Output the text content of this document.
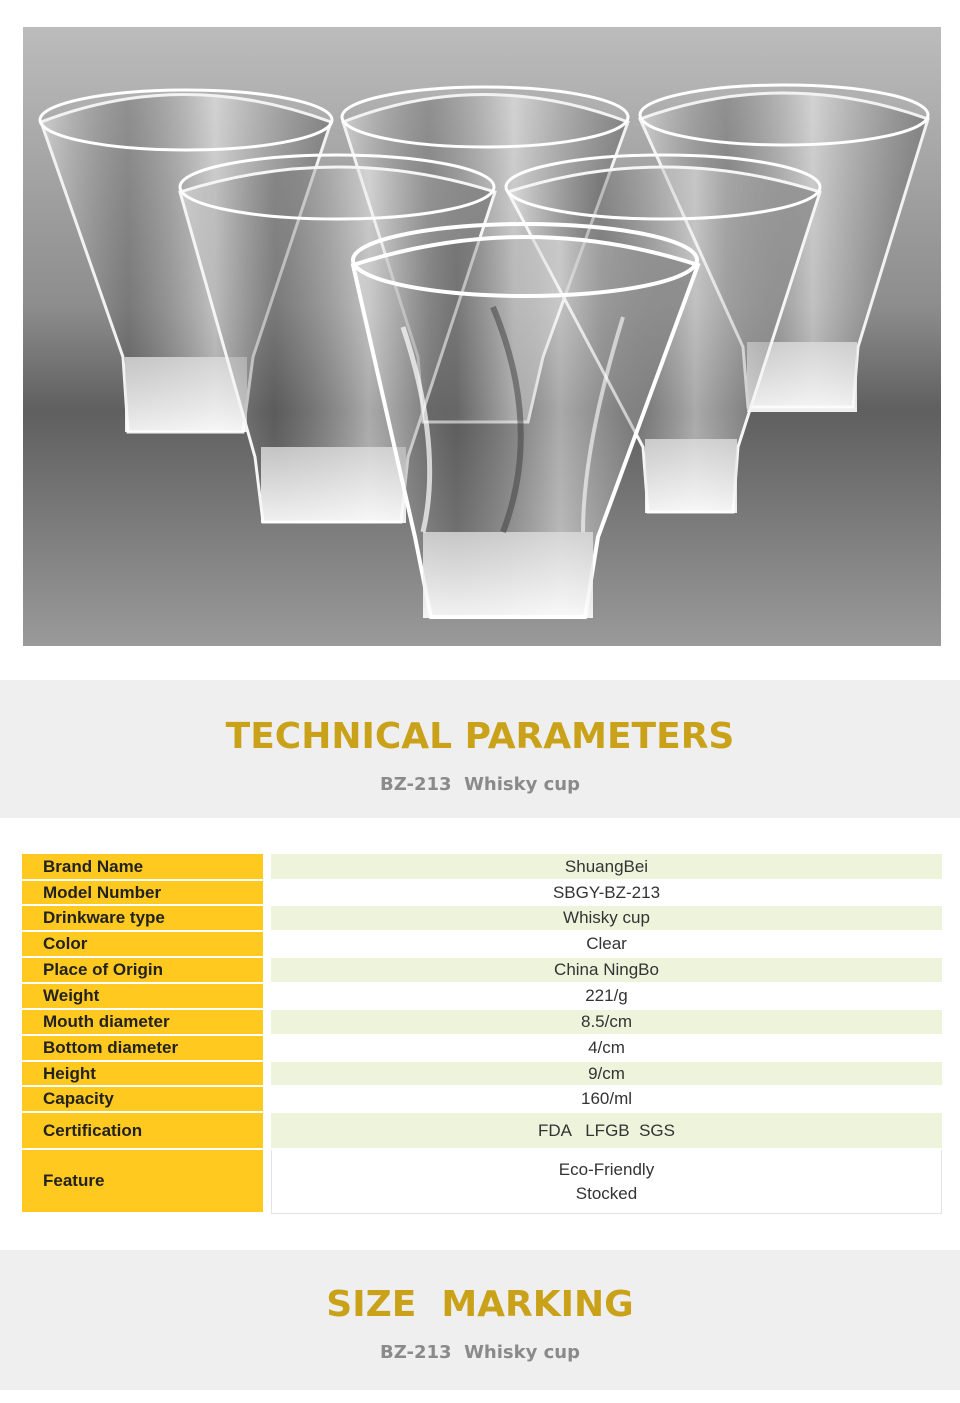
TECHNICAL PARAMETERS
BZ-213  Whisky cup
Brand Name		ShuangBei
Model Number		SBGY-BZ-213
Drinkware type		Whisky cup
Color		Clear
Place of Origin		China NingBo
Weight		221/g
Mouth diameter		8.5/cm
Bottom diameter		4/cm
Height		9/cm
Capacity		160/ml
Certification		FDA   LFGB  SGS
Feature		Eco-Friendly
Stocked
SIZE  MARKING
BZ-213  Whisky cup
